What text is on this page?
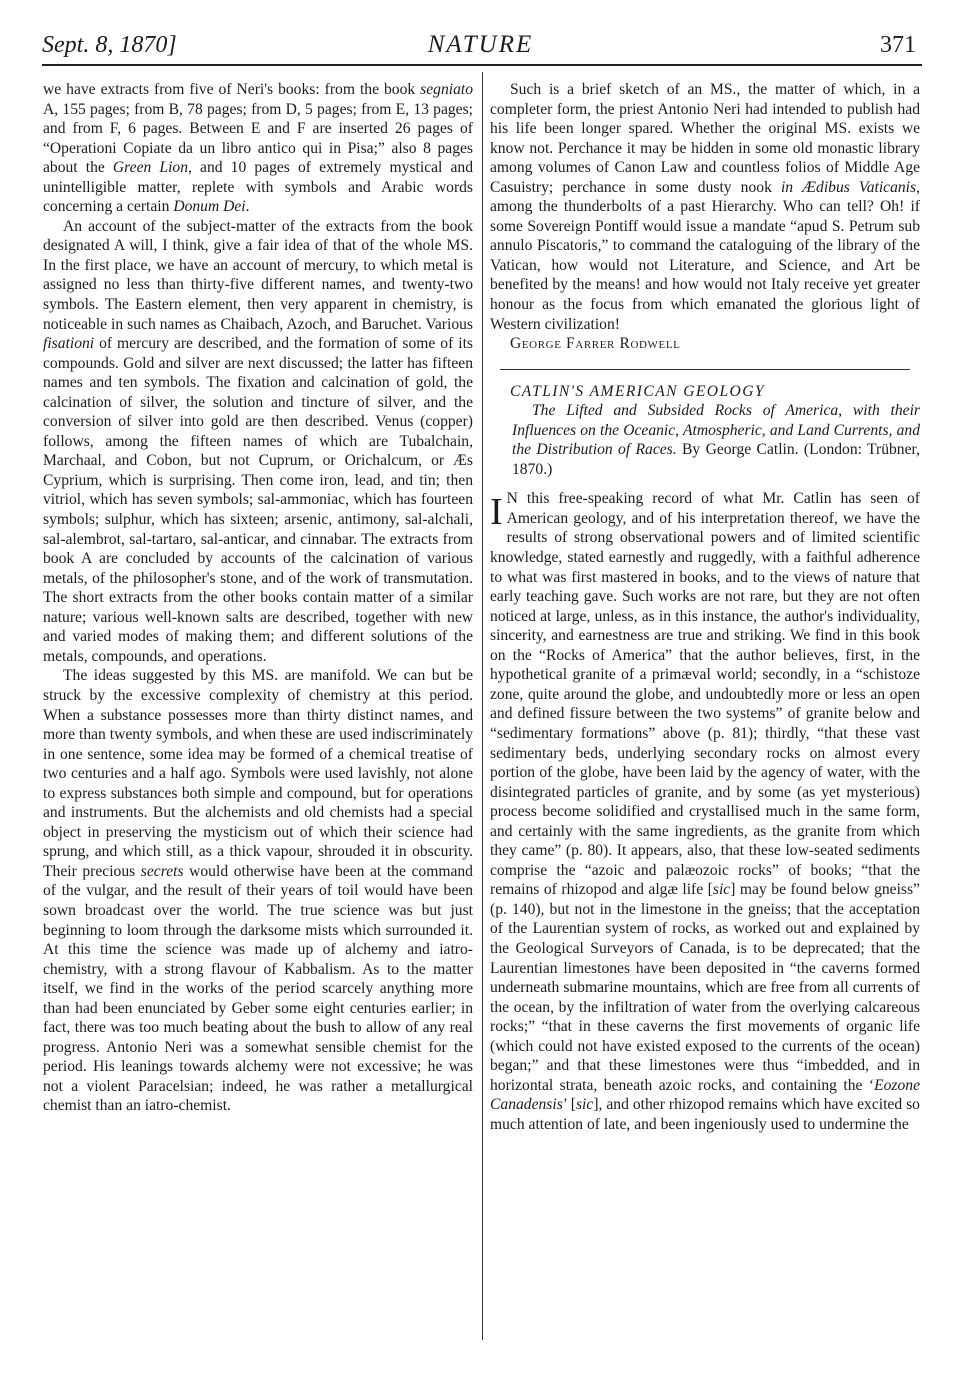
Sept. 8, 1870]	NATURE	371

we have extracts from five of Neri's books: from the book segniato A, 155 pages; from B, 78 pages; from D, 5 pages; from E, 13 pages; and from F, 6 pages. Between E and F are inserted 26 pages of “Operationi Copiate da un libro antico qui in Pisa;” also 8 pages about the Green Lion, and 10 pages of extremely mystical and unintelligible matter, replete with symbols and Arabic words concerning a certain Donum Dei.

An account of the subject-matter of the extracts from the book designated A will, I think, give a fair idea of that of the whole MS. In the first place, we have an account of mercury, to which metal is assigned no less than thirty-five different names, and twenty-two symbols. The Eastern element, then very apparent in chemistry, is noticeable in such names as Chaibach, Azoch, and Baruchet. Various fisationi of mercury are described, and the formation of some of its compounds. Gold and silver are next discussed; the latter has fifteen names and ten symbols. The fixation and calcination of gold, the calcination of silver, the solution and tincture of silver, and the conversion of silver into gold are then described. Venus (copper) follows, among the fifteen names of which are Tubalchain, Marchaal, and Cobon, but not Cuprum, or Orichalcum, or Æs Cyprium, which is surprising. Then come iron, lead, and tin; then vitriol, which has seven symbols; sal-ammoniac, which has fourteen symbols; sulphur, which has sixteen; arsenic, antimony, sal-alchali, sal-alembrot, sal-tartaro, sal-anticar, and cinnabar. The extracts from book A are concluded by accounts of the calcination of various metals, of the philosopher's stone, and of the work of transmutation. The short extracts from the other books contain matter of a similar nature; various well-known salts are described, together with new and varied modes of making them; and different solutions of the metals, compounds, and operations.

The ideas suggested by this MS. are manifold. We can but be struck by the excessive complexity of chemistry at this period. When a substance possesses more than thirty distinct names, and more than twenty symbols, and when these are used indiscriminately in one sentence, some idea may be formed of a chemical treatise of two centuries and a half ago. Symbols were used lavishly, not alone to express substances both simple and compound, but for operations and instruments. But the alchemists and old chemists had a special object in preserving the mysticism out of which their science had sprung, and which still, as a thick vapour, shrouded it in obscurity. Their precious secrets would otherwise have been at the command of the vulgar, and the result of their years of toil would have been sown broadcast over the world. The true science was but just beginning to loom through the darksome mists which surrounded it. At this time the science was made up of alchemy and iatro-chemistry, with a strong flavour of Kabbalism. As to the matter itself, we find in the works of the period scarcely anything more than had been enunciated by Geber some eight centuries earlier; in fact, there was too much beating about the bush to allow of any real progress. Antonio Neri was a somewhat sensible chemist for the period. His leanings towards alchemy were not excessive; he was not a violent Paracelsian; indeed, he was rather a metallurgical chemist than an iatro-chemist.

Such is a brief sketch of an MS., the matter of which, in a completer form, the priest Antonio Neri had intended to publish had his life been longer spared. Whether the original MS. exists we know not. Perchance it may be hidden in some old monastic library among volumes of Canon Law and countless folios of Middle Age Casuistry; perchance in some dusty nook in Ædibus Vaticanis, among the thunderbolts of a past Hierarchy. Who can tell? Oh! if some Sovereign Pontiff would issue a mandate “apud S. Petrum sub annulo Piscatoris,” to command the cataloguing of the library of the Vatican, how would not Literature, and Science, and Art be benefited by the means! and how would not Italy receive yet greater honour as the focus from which emanated the glorious light of Western civilization!

George Farrer Rodwell

CATLIN'S AMERICAN GEOLOGY

The Lifted and Subsided Rocks of America, with their Influences on the Oceanic, Atmospheric, and Land Currents, and the Distribution of Races. By George Catlin. (London: Trübner, 1870.)

I N this free-speaking record of what Mr. Catlin has seen of American geology, and of his interpretation thereof, we have the results of strong observational powers and of limited scientific knowledge, stated earnestly and ruggedly, with a faithful adherence to what was first mastered in books, and to the views of nature that early teaching gave. Such works are not rare, but they are not often noticed at large, unless, as in this instance, the author's individuality, sincerity, and earnestness are true and striking. We find in this book on the “Rocks of America” that the author believes, first, in the hypothetical granite of a primæval world; secondly, in a “schistoze zone, quite around the globe, and undoubtedly more or less an open and defined fissure between the two systems” of granite below and “sedimentary formations” above (p. 81); thirdly, “that these vast sedimentary beds, underlying secondary rocks on almost every portion of the globe, have been laid by the agency of water, with the disintegrated particles of granite, and by some (as yet mysterious) process become solidified and crystallised much in the same form, and certainly with the same ingredients, as the granite from which they came” (p. 80). It appears, also, that these low-seated sediments comprise the “azoic and palæozoic rocks” of books; “that the remains of rhizopod and algæ life [sic] may be found below gneiss” (p. 140), but not in the limestone in the gneiss; that the acceptation of the Laurentian system of rocks, as worked out and explained by the Geological Surveyors of Canada, is to be deprecated; that the Laurentian limestones have been deposited in “the caverns formed underneath submarine mountains, which are free from all currents of the ocean, by the infiltration of water from the overlying calcareous rocks;” “that in these caverns the first movements of organic life (which could not have existed exposed to the currents of the ocean) began;” and that these limestones were thus “imbedded, and in horizontal strata, beneath azoic rocks, and containing the ‘Eozone Canadensis’ [sic], and other rhizopod remains which have excited so much attention of late, and been ingeniously used to undermine the
